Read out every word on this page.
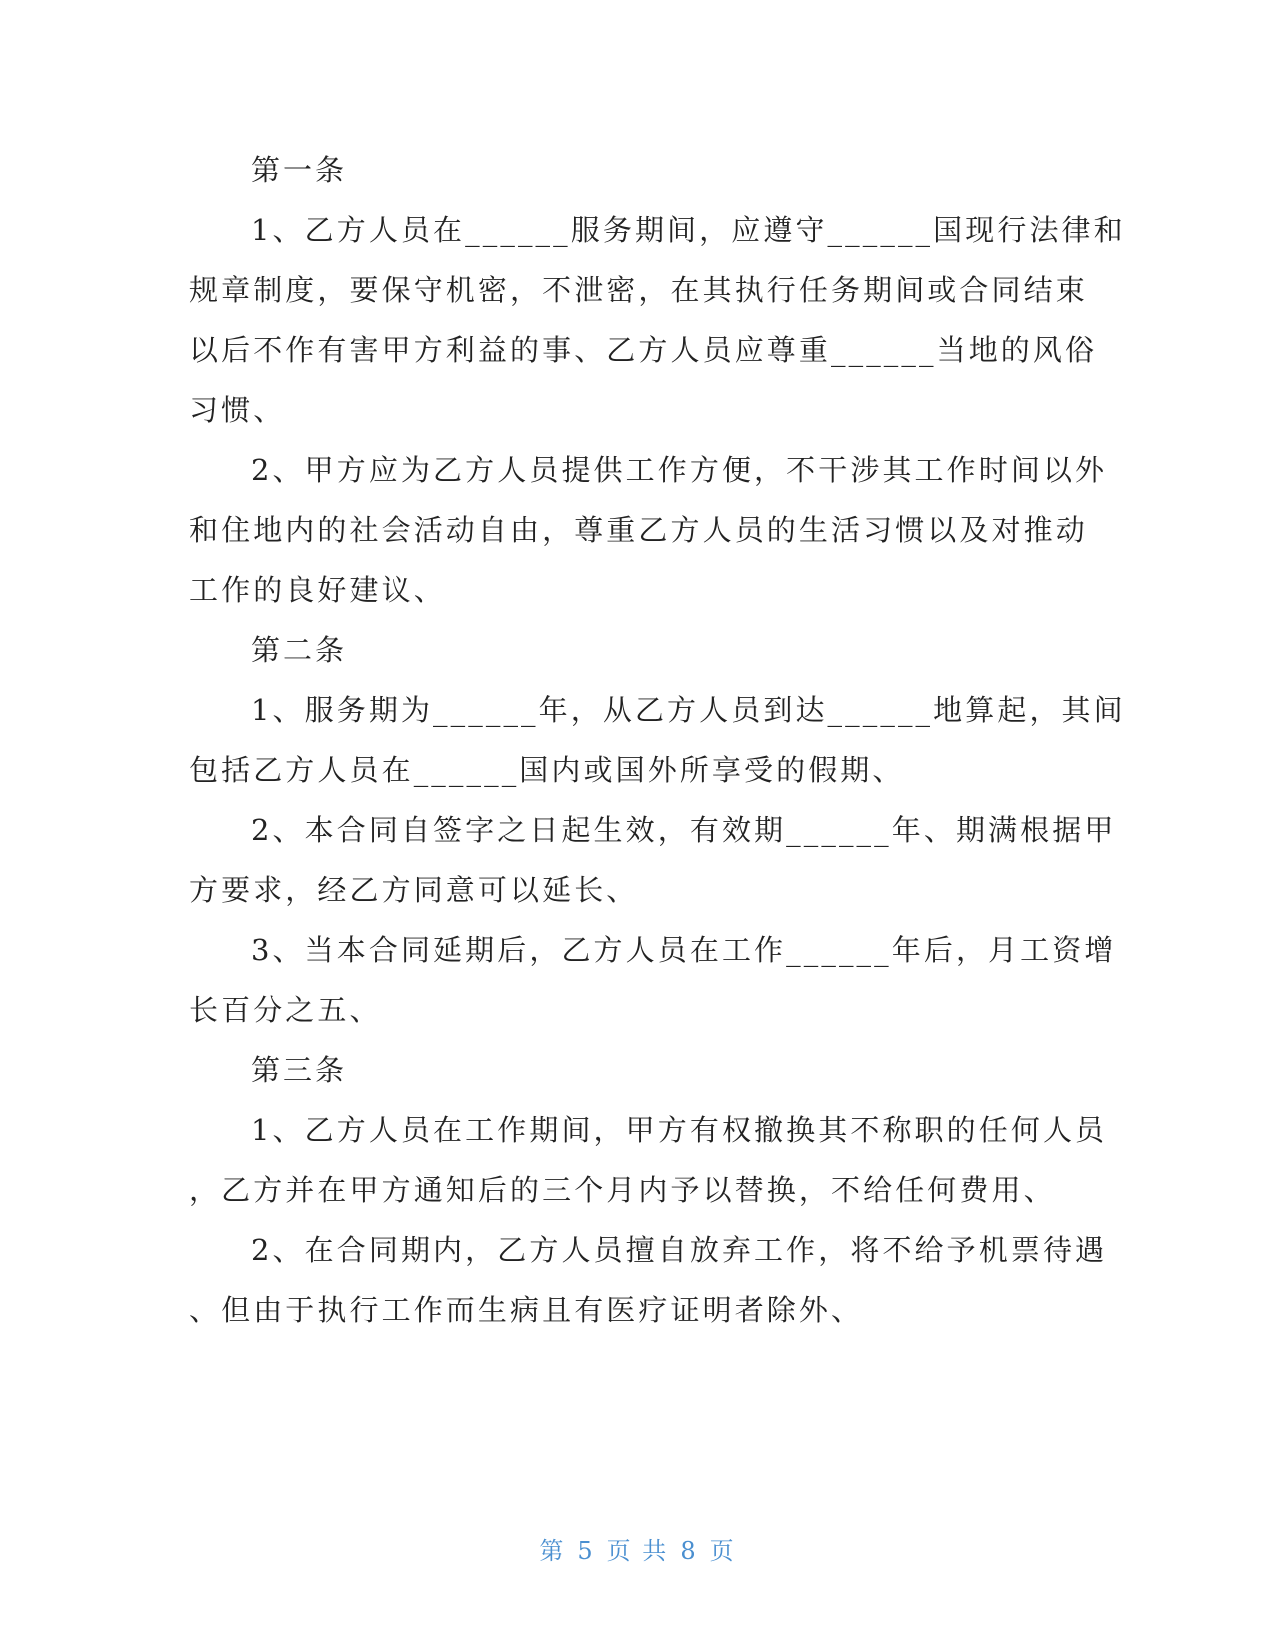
第一条

1、乙方人员在______服务期间，应遵守______国现行法律和
规章制度，要保守机密，不泄密，在其执行任务期间或合同结束
以后不作有害甲方利益的事、乙方人员应尊重______当地的风俗
习惯、

2、甲方应为乙方人员提供工作方便，不干涉其工作时间以外
和住地内的社会活动自由，尊重乙方人员的生活习惯以及对推动
工作的良好建议、

第二条

1、服务期为______年，从乙方人员到达______地算起，其间
包括乙方人员在______国内或国外所享受的假期、

2、本合同自签字之日起生效，有效期______年、期满根据甲
方要求，经乙方同意可以延长、

3、当本合同延期后，乙方人员在工作______年后，月工资增
长百分之五、

第三条

1、乙方人员在工作期间，甲方有权撤换其不称职的任何人员
，乙方并在甲方通知后的三个月内予以替换，不给任何费用、

2、在合同期内，乙方人员擅自放弃工作，将不给予机票待遇
、但由于执行工作而生病且有医疗证明者除外、

第 5 页 共 8 页
